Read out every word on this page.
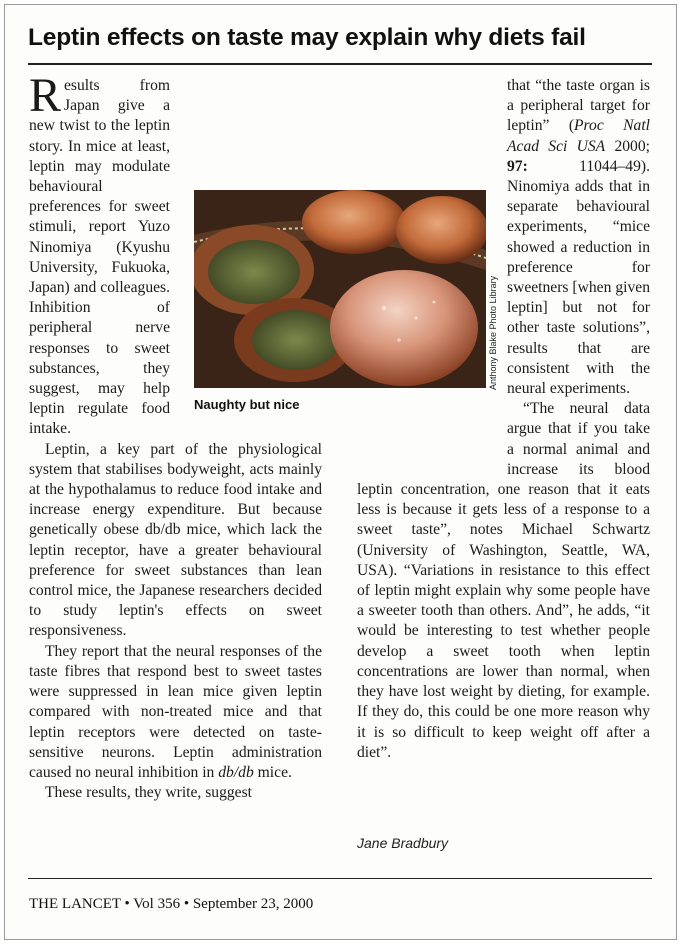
Leptin effects on taste may explain why diets fail

Results from Japan give a new twist to the leptin story. In mice at least, leptin may modulate behavioural preferences for sweet stimuli, report Yuzo Ninomiya (Kyushu University, Fukuoka, Japan) and colleagues. Inhibition of peripheral nerve responses to sweet substances, they suggest, may help leptin regulate food intake.

Leptin, a key part of the physiological system that stabilises bodyweight, acts mainly at the hypothalamus to reduce food intake and increase energy expenditure. But because genetically obese db/db mice, which lack the leptin receptor, have a greater behavioural preference for sweet substances than lean control mice, the Japanese researchers decided to study leptin's effects on sweet responsiveness.

They report that the neural responses of the taste fibres that respond best to sweet tastes were suppressed in lean mice given leptin compared with non-treated mice and that leptin receptors were detected on taste-sensitive neurons. Leptin administration caused no neural inhibition in db/db mice.

These results, they write, suggest

that “the taste organ is a peripheral target for leptin” (Proc Natl Acad Sci USA 2000; 97: 11044–49). Ninomiya adds that in separate behavioural experiments, “mice showed a reduction in preference for sweetners [when given leptin] but not for other taste solutions”, results that are consistent with the neural experiments.

“The neural data argue that if you take a normal animal and increase its blood leptin concentration, one reason that it eats less is because it gets less of a response to a sweet taste”, notes Michael Schwartz (University of Washington, Seattle, WA, USA). “Variations in resistance to this effect of leptin might explain why some people have a sweeter tooth than others. And”, he adds, “it would be interesting to test whether people develop a sweet tooth when leptin concentrations are lower than normal, when they have lost weight by dieting, for example. If they do, this could be one more reason why it is so difficult to keep weight off after a diet”.

Anthony Blake Photo Library
Naughty but nice
Jane Bradbury
THE LANCET • Vol 356 • September 23, 2000
